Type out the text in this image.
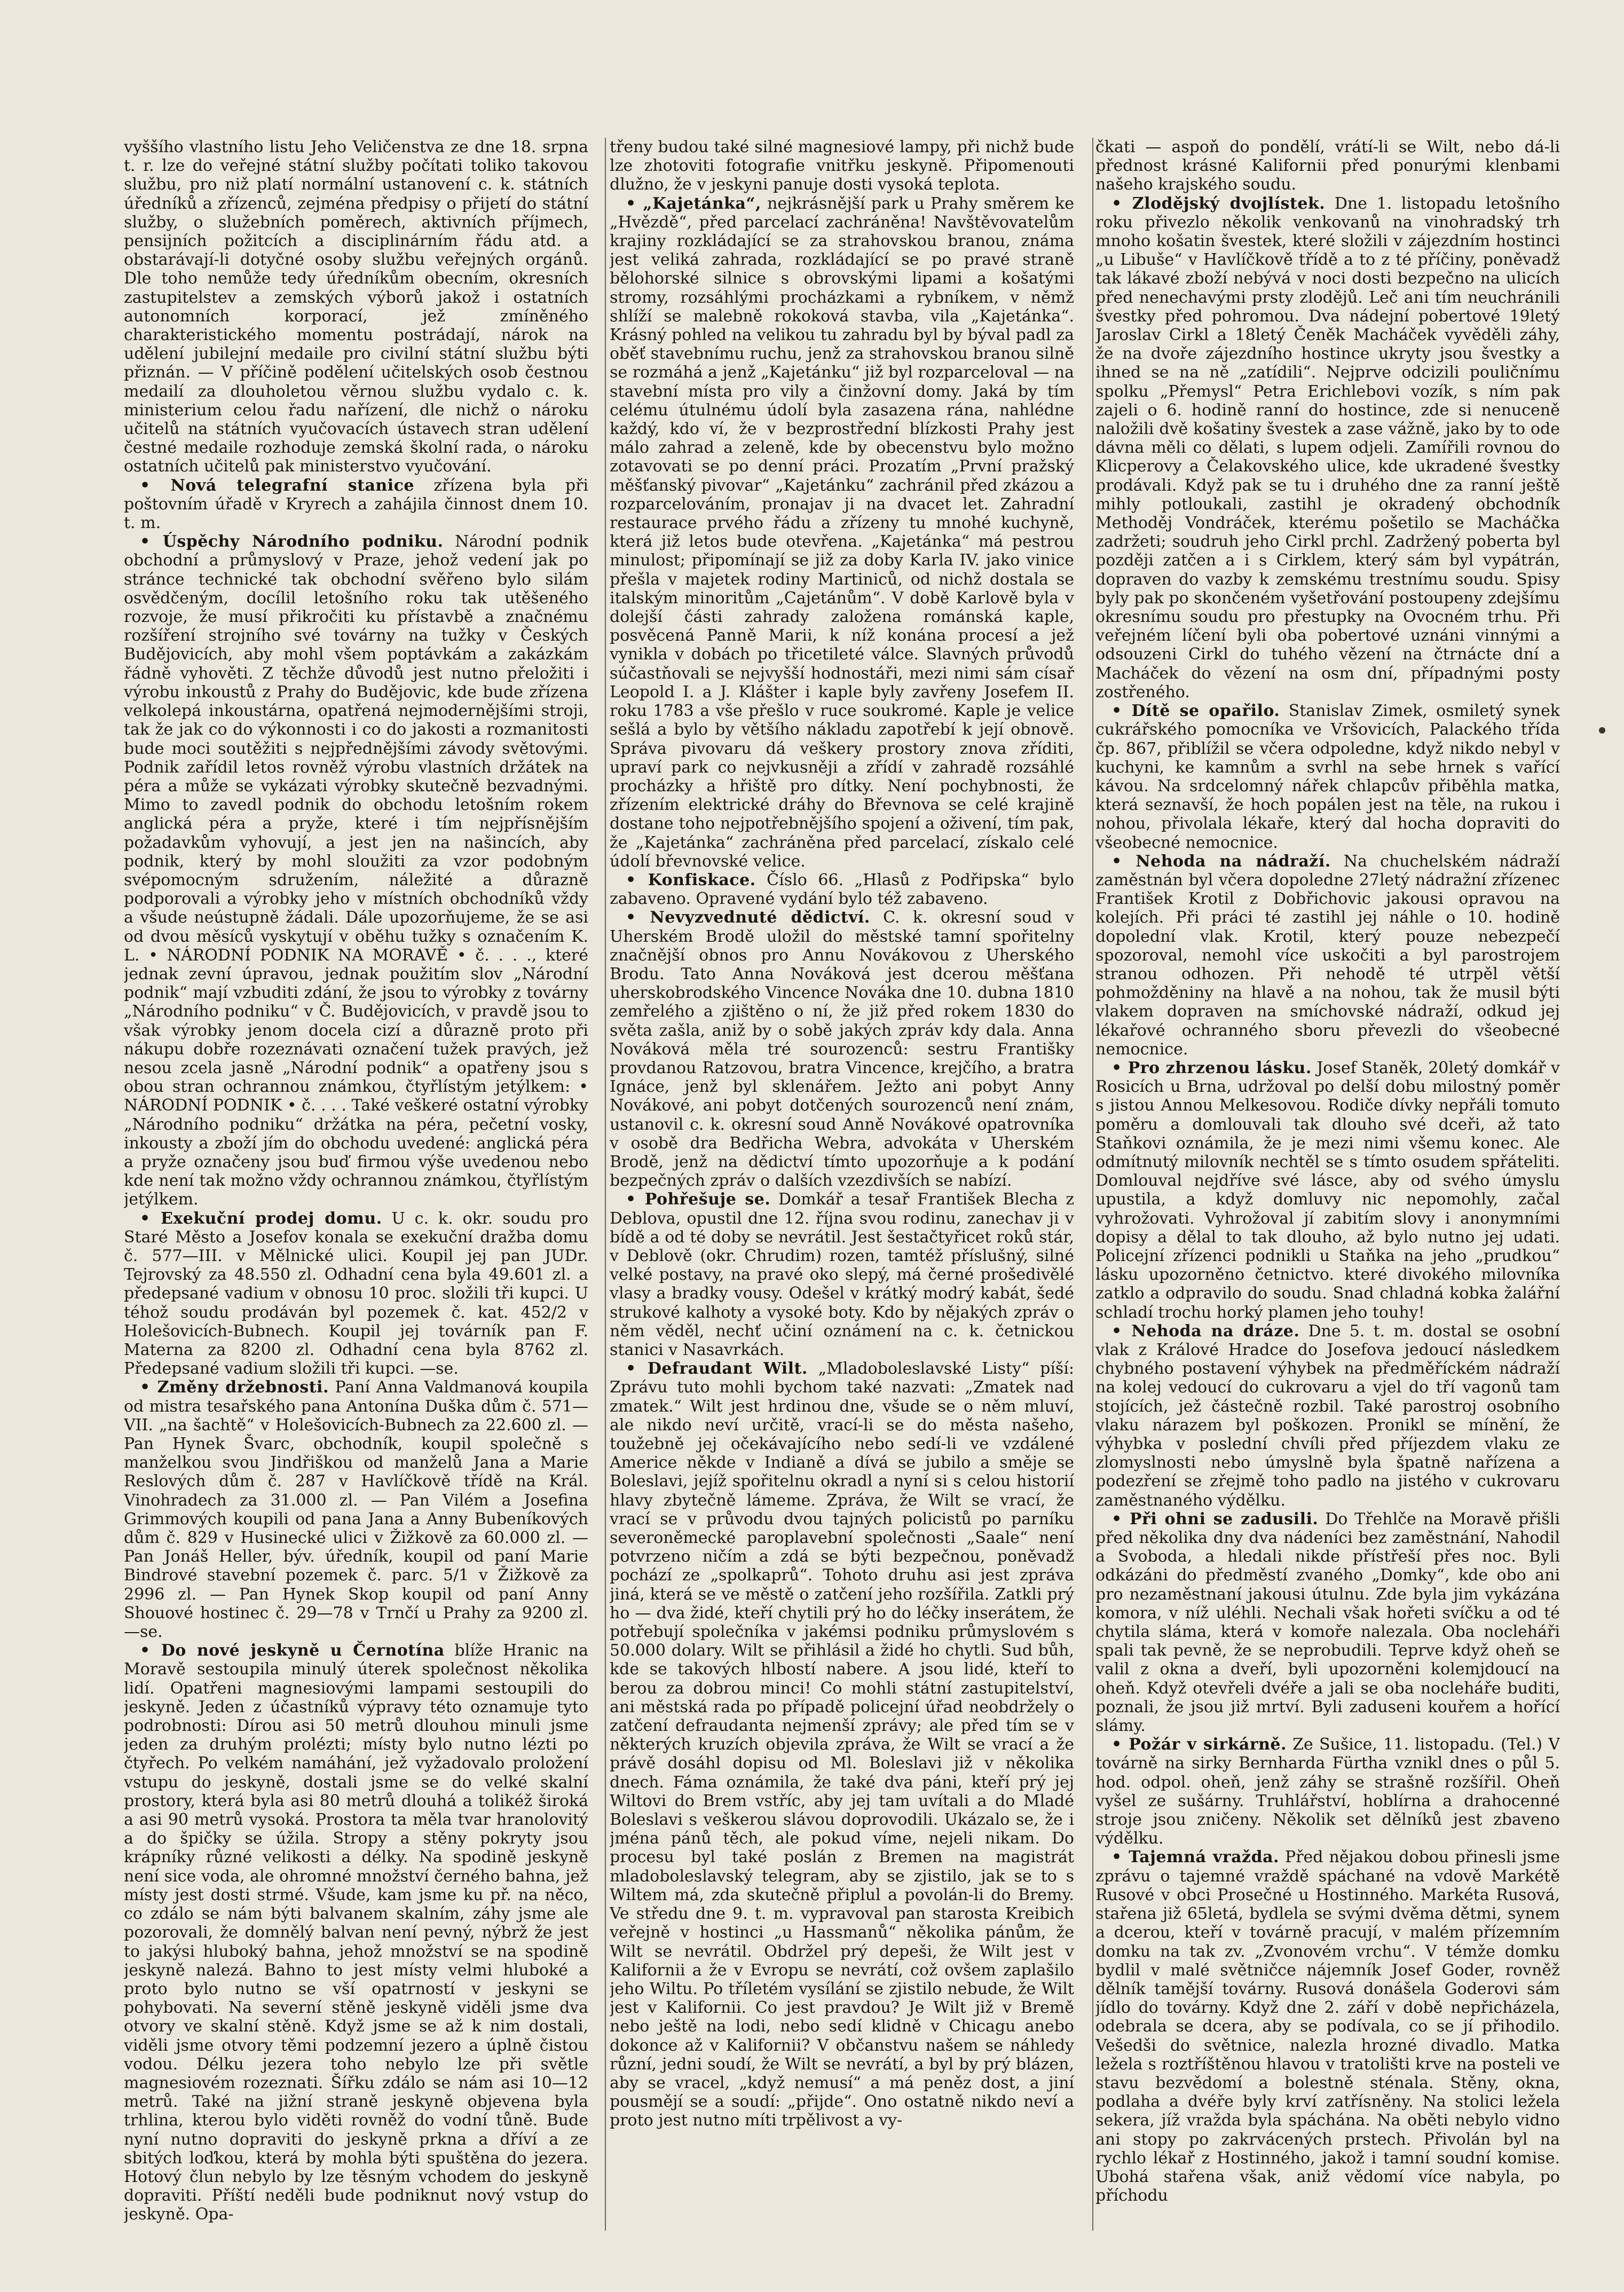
vyššího vlastního listu Jeho Veličenstva ze dne 18. srpna t. r. lze do veřejné státní služby počítati toliko takovou službu, pro niž platí normální ustanovení c. k. státních úředníků a zřízenců, zejména předpisy o přijetí do státní služby, o služebních poměrech, aktivních příjmech, pensijních požitcích a disciplinárním řádu atd. a obstarávají-li dotyčné osoby službu veřejných orgánů. Dle toho nemůže tedy úředníkům obecním, okresních zastupitelstev a zemských výborů jakož i ostatních autonomních korporací, jež zmíněného charakteristického momentu postrádají, nárok na udělení jubilejní medaile pro civilní státní službu býti přiznán. — V příčině podělení učitelských osob čestnou medailí za dlouholetou věrnou službu vydalo c. k. ministerium celou řadu nařízení, dle nichž o nároku učitelů na státních vyučovacích ústavech stran udělení čestné medaile rozhoduje zemská školní rada, o nároku ostatních učitelů pak ministerstvo vyučování.

• Nová telegrafní stanice zřízena byla při poštovním úřadě v Kryrech a zahájila činnost dnem 10. t. m.

• Úspěchy Národního podniku. Národní podnik obchodní a průmyslový v Praze, jehož vedení jak po stránce technické tak obchodní svěřeno bylo silám osvědčeným, docílil letošního roku tak utěšeného rozvoje, že musí přikročiti ku přístavbě a značnému rozšíření strojního své továrny na tužky v Českých Budějovicích, aby mohl všem poptávkám a zakázkám řádně vyhověti. Z těchže důvodů jest nutno přeložiti i výrobu inkoustů z Prahy do Budějovic, kde bude zřízena velkolepá inkoustárna, opatřená nejmodernějšími stroji, tak že jak co do výkonnosti i co do jakosti a rozmanitosti bude moci soutěžiti s nejpřednějšími závody světovými. Podnik zařídil letos rovněž výrobu vlastních držátek na péra a může se vykázati výrobky skutečně bezvadnými. Mimo to zavedl podnik do obchodu letošním rokem anglická péra a pryže, které i tím nejpřísnějším požadavkům vyhovují, a jest jen na našincích, aby podnik, který by mohl sloužiti za vzor podobným svépomocným sdružením, náležité a důrazně podporovali a výrobky jeho v místních obchodníků vždy a všude neústupně žádali. Dále upozorňujeme, že se asi od dvou měsíců vyskytují v oběhu tužky s označením K. L. • NÁRODNÍ PODNIK NA MORAVĚ • č. . . ., které jednak zevní úpravou, jednak použitím slov „Národní podnik“ mají vzbuditi zdání, že jsou to výrobky z továrny „Národního podniku“ v Č. Budějovicích, v pravdě jsou to však výrobky jenom docela cizí a důrazně proto při nákupu dobře rozeznávati označení tužek pravých, jež nesou zcela jasně „Národní podnik“ a opatřeny jsou s obou stran ochrannou známkou, čtyřlístým jetýlkem: • NÁRODNÍ PODNIK • č. . . . Také veškeré ostatní výrobky „Národního podniku“ držátka na péra, pečetní vosky, inkousty a zboží jím do obchodu uvedené: anglická péra a pryže označeny jsou buď firmou výše uvedenou nebo kde není tak možno vždy ochrannou známkou, čtyřlístým jetýlkem.

• Exekuční prodej domu. U c. k. okr. soudu pro Staré Město a Josefov konala se exekuční dražba domu č. 577—III. v Mělnické ulici. Koupil jej pan JUDr. Tejrovský za 48.550 zl. Odhadní cena byla 49.601 zl. a předepsané vadium v obnosu 10 proc. složili tři kupci. U téhož soudu prodáván byl pozemek č. kat. 452/2 v Holešovicích-Bubnech. Koupil jej továrník pan F. Materna za 8200 zl. Odhadní cena byla 8762 zl. Předepsané vadium složili tři kupci. —se.

• Změny držebnosti. Paní Anna Valdmanová koupila od mistra tesařského pana Antonína Duška dům č. 571—VII. „na šachtě“ v Holešovicích-Bubnech za 22.600 zl. — Pan Hynek Švarc, obchodník, koupil společně s manželkou svou Jindřiškou od manželů Jana a Marie Reslových dům č. 287 v Havlíčkově třídě na Král. Vinohradech za 31.000 zl. — Pan Vilém a Josefina Grimmových koupili od pana Jana a Anny Bubeníkových dům č. 829 v Husinecké ulici v Žižkově za 60.000 zl. — Pan Jonáš Heller, býv. úředník, koupil od paní Marie Bindrové stavební pozemek č. parc. 5/1 v Žižkově za 2996 zl. — Pan Hynek Skop koupil od paní Anny Shouové hostinec č. 29—78 v Trnčí u Prahy za 9200 zl. —se.

• Do nové jeskyně u Černotína blíže Hranic na Moravě sestoupila minulý úterek společnost několika lidí. Opatřeni magnesiovými lampami sestoupili do jeskyně. Jeden z účastníků výpravy této oznamuje tyto podrobnosti: Dírou asi 50 metrů dlouhou minuli jsme jeden za druhým prolézti; místy bylo nutno lézti po čtyřech. Po velkém namáhání, jež vyžadovalo proložení vstupu do jeskyně, dostali jsme se do velké skalní prostory, která byla asi 80 metrů dlouhá a tolikéž široká a asi 90 metrů vysoká. Prostora ta měla tvar hranolovitý a do špičky se úžila. Stropy a stěny pokryty jsou krápníky různé velikosti a délky. Na spodině jeskyně není sice voda, ale ohromné množství černého bahna, jež místy jest dosti strmé. Všude, kam jsme ku př. na něco, co zdálo se nám býti balvanem skalním, záhy jsme ale pozorovali, že domnělý balvan není pevný, nýbrž že jest to jakýsi hluboký bahna, jehož množství se na spodině jeskyně nalezá. Bahno to jest místy velmi hluboké a proto bylo nutno se vší opatrností v jeskyni se pohybovati. Na severní stěně jeskyně viděli jsme dva otvory ve skalní stěně. Když jsme se až k nim dostali, viděli jsme otvory těmi podzemní jezero a úplně čistou vodou. Délku jezera toho nebylo lze při světle magnesiovém rozeznati. Šířku zdálo se nám asi 10—12 metrů. Také na jižní straně jeskyně objevena byla trhlina, kterou bylo viděti rovněž do vodní tůně. Bude nyní nutno dopraviti do jeskyně prkna a dříví a ze sbitých loďkou, která by mohla býti spuštěna do jezera. Hotový člun nebylo by lze těsným vchodem do jeskyně dopraviti. Příští neděli bude podniknut nový vstup do jeskyně. Opa-

třeny budou také silné magnesiové lampy, při nichž bude lze zhotoviti fotografie vnitřku jeskyně. Připomenouti dlužno, že v jeskyni panuje dosti vysoká teplota.

• „Kajetánka“, nejkrásnější park u Prahy směrem ke „Hvězdě“, před parcelací zachráněna! Navštěvovatelům krajiny rozkládající se za strahovskou branou, známa jest veliká zahrada, rozkládající se po pravé straně bělohorské silnice s obrovskými lipami a košatými stromy, rozsáhlými procházkami a rybníkem, v němž shlíží se malebně rokoková stavba, vila „Kajetánka“. Krásný pohled na velikou tu zahradu byl by býval padl za oběť stavebnímu ruchu, jenž za strahovskou branou silně se rozmáhá a jenž „Kajetánku“ již byl rozparceloval — na stavební místa pro vily a činžovní domy. Jaká by tím celému útulnému údolí byla zasazena rána, nahlédne každý, kdo ví, že v bezprostřední blízkosti Prahy jest málo zahrad a zeleně, kde by obecenstvu bylo možno zotavovati se po denní práci. Prozatím „První pražský měšťanský pivovar“ „Kajetánku“ zachránil před zkázou a rozparcelováním, pronajav ji na dvacet let. Zahradní restaurace prvého řádu a zřízeny tu mnohé kuchyně, která již letos bude otevřena. „Kajetánka“ má pestrou minulost; připomínají se již za doby Karla IV. jako vinice přešla v majetek rodiny Martiniců, od nichž dostala se italským minoritům „Cajetánům“. V době Karlově byla v dolejší části zahrady založena románská kaple, posvěcená Panně Marii, k níž konána procesí a jež vynikla v dobách po třicetileté válce. Slavných průvodů súčastňovali se nejvyšší hodnostáři, mezi nimi sám císař Leopold I. a J. Klášter i kaple byly zavřeny Josefem II. roku 1783 a vše přešlo v ruce soukromé. Kaple je velice sešlá a bylo by většího nákladu zapotřebí k její obnově. Správa pivovaru dá veškery prostory znova zříditi, upraví park co nejvkusněji a zřídí v zahradě rozsáhlé procházky a hřiště pro dítky. Není pochybnosti, že zřízením elektrické dráhy do Břevnova se celé krajině dostane toho nejpotřebnějšího spojení a oživení, tím pak, že „Kajetánka“ zachráněna před parcelací, získalo celé údolí břevnovské velice.

• Konfiskace. Číslo 66. „Hlasů z Podřipska“ bylo zabaveno. Opravené vydání bylo též zabaveno.

• Nevyzvednuté dědictví. C. k. okresní soud v Uherském Brodě uložil do městské tamní spořitelny značnější obnos pro Annu Novákovou z Uherského Brodu. Tato Anna Nováková jest dcerou měšťana uherskobrodského Vincence Nováka dne 10. dubna 1810 zemřelého a zjištěno o ní, že již před rokem 1830 do světa zašla, aniž by o sobě jakých zpráv kdy dala. Anna Nováková měla tré sourozenců: sestru Františky provdanou Ratzovou, bratra Vincence, krejčího, a bratra Ignáce, jenž byl sklenářem. Ježto ani pobyt Anny Novákové, ani pobyt dotčených sourozenců není znám, ustanovil c. k. okresní soud Anně Novákové opatrovníka v osobě dra Bedřicha Webra, advokáta v Uherském Brodě, jenž na dědictví tímto upozorňuje a k podání bezpečných zpráv o dalších vzezdivších se nabízí.

• Pohřešuje se. Domkář a tesař František Blecha z Deblova, opustil dne 12. října svou rodinu, zanechav ji v bídě a od té doby se nevrátil. Jest šestačtyřicet roků stár, v Deblově (okr. Chrudim) rozen, tamtéž příslušný, silné velké postavy, na pravé oko slepý, má černé prošedivělé vlasy a bradky vousy. Odešel v krátký modrý kabát, šedé strukové kalhoty a vysoké boty. Kdo by nějakých zpráv o něm věděl, nechť učiní oznámení na c. k. četnickou stanici v Nasavrkách.

• Defraudant Wilt. „Mladoboleslavské Listy“ píší: Zprávu tuto mohli bychom také nazvati: „Zmatek nad zmatek.“ Wilt jest hrdinou dne, všude se o něm mluví, ale nikdo neví určitě, vrací-li se do města našeho, toužebně jej očekávajícího nebo sedí-li ve vzdálené Americe někde v Indianě a dívá se jubilo a směje se Boleslavi, jejíž spořitelnu okradl a nyní si s celou historií hlavy zbytečně lámeme. Zpráva, že Wilt se vrací, že vrací se v průvodu dvou tajných policistů po parníku severoněmecké paroplavební společnosti „Saale“ není potvrzeno ničím a zdá se býti bezpečnou, poněvadž pochází ze „spolkaprů“. Tohoto druhu asi jest zpráva jiná, která se ve městě o zatčení jeho rozšířila. Zatkli prý ho — dva židé, kteří chytili prý ho do léčky inserátem, že potřebují společníka v jakémsi podniku průmyslovém s 50.000 dolary. Wilt se přihlásil a židé ho chytli. Sud bůh, kde se takových hlbostí nabere. A jsou lidé, kteří to berou za dobrou minci! Co mohli státní zastupitelství, ani městská rada po případě policejní úřad neobdržely o zatčení defraudanta nejmenší zprávy; ale před tím se v některých kruzích objevila zpráva, že Wilt se vrací a že právě dosáhl dopisu od Ml. Boleslavi již v několika dnech. Fáma oznámila, že také dva páni, kteří prý jej Wiltovi do Brem vstříc, aby jej tam uvítali a do Mladé Boleslavi s veškerou slávou doprovodili. Ukázalo se, že i jména pánů těch, ale pokud víme, nejeli nikam. Do procesu byl také poslán z Bremen na magistrát mladoboleslavský telegram, aby se zjistilo, jak se to s Wiltem má, zda skutečně připlul a povolán-li do Bremy. Ve středu dne 9. t. m. vypravoval pan starosta Kreibich veřejně v hostinci „u Hassmanů“ několika pánům, že Wilt se nevrátil. Obdržel prý depeši, že Wilt jest v Kalifornii a že v Evropu se nevrátí, což ovšem zaplašilo jeho Wiltu. Po tříletém vysílání se zjistilo nebude, že Wilt jest v Kalifornii. Co jest pravdou? Je Wilt již v Bremě nebo ještě na lodi, nebo sedí klidně v Chicagu anebo dokonce až v Kalifornii? V občanstvu našem se náhledy různí, jedni soudí, že Wilt se nevrátí, a byl by prý blázen, aby se vracel, „když nemusí“ a má peněz dost, a jiní pousmějí se a soudí: „přijde“. Ono ostatně nikdo neví a proto jest nutno míti trpělivost a vy-

čkati — aspoň do pondělí, vrátí-li se Wilt, nebo dá-li přednost krásné Kalifornii před ponurými klenbami našeho krajského soudu.

• Zlodějský dvojlístek. Dne 1. listopadu letošního roku přivezlo několik venkovanů na vinohradský trh mnoho košatin švestek, které složili v zájezdním hostinci „u Libuše“ v Havlíčkově třídě a to z té příčiny, poněvadž tak lákavé zboží nebývá v noci dosti bezpečno na ulicích před nenechavými prsty zlodějů. Leč ani tím neuchránili švestky před pohromou. Dva nádejní pobertové 19letý Jaroslav Cirkl a 18letý Čeněk Macháček vyvěděli záhy, že na dvoře zájezdního hostince ukryty jsou švestky a ihned se na ně „zatídili“. Nejprve odcizili pouličnímu spolku „Přemysl“ Petra Erichlebovi vozík, s ním pak zajeli o 6. hodině ranní do hostince, zde si nenuceně naložili dvě košatiny švestek a zase vážně, jako by to ode dávna měli co dělati, s lupem odjeli. Zamířili rovnou do Klicperovy a Čelakovského ulice, kde ukradené švestky prodávali. Když pak se tu i druhého dne za ranní ještě mihly potloukali, zastihl je okradený obchodník Methoděj Vondráček, kterému pošetilo se Macháčka zadržeti; soudruh jeho Cirkl prchl. Zadržený poberta byl později zatčen a i s Cirklem, který sám byl vypátrán, dopraven do vazby k zemskému trestnímu soudu. Spisy byly pak po skončeném vyšetřování postoupeny zdejšímu okresnímu soudu pro přestupky na Ovocném trhu. Při veřejném líčení byli oba pobertové uznáni vinnými a odsouzeni Cirkl do tuhého vězení na čtrnácte dní a Macháček do vězení na osm dní, případnými posty zostřeného.

• Dítě se opařilo. Stanislav Zimek, osmiletý synek cukrářského pomocníka ve Vršovicích, Palackého třída čp. 867, přiblížil se včera odpoledne, když nikdo nebyl v kuchyni, ke kamnům a svrhl na sebe hrnek s vařící kávou. Na srdcelomný nářek chlapcův přiběhla matka, která seznavší, že hoch popálen jest na těle, na rukou i nohou, přivolala lékaře, který dal hocha dopraviti do všeobecné nemocnice.

• Nehoda na nádraží. Na chuchelském nádraží zaměstnán byl včera dopoledne 27letý nádražní zřízenec František Krotil z Dobřichovic jakousi opravou na kolejích. Při práci té zastihl jej náhle o 10. hodině dopolední vlak. Krotil, který pouze nebezpečí spozoroval, nemohl více uskočiti a byl parostrojem stranou odhozen. Při nehodě té utrpěl větší pohmožděniny na hlavě a na nohou, tak že musil býti vlakem dopraven na smíchovské nádraží, odkud jej lékařové ochranného sboru převezli do všeobecné nemocnice.

• Pro zhrzenou lásku. Josef Staněk, 20letý domkář v Rosicích u Brna, udržoval po delší dobu milostný poměr s jistou Annou Melkesovou. Rodiče dívky nepřáli tomuto poměru a domlouvali tak dlouho své dceři, až tato Staňkovi oznámila, že je mezi nimi všemu konec. Ale odmítnutý milovník nechtěl se s tímto osudem spřáteliti. Domlouval nejdříve své lásce, aby od svého úmyslu upustila, a když domluvy nic nepomohly, začal vyhrožovati. Vyhrožoval jí zabitím slovy i anonymními dopisy a dělal to tak dlouho, až bylo nutno jej udati. Policejní zřízenci podnikli u Staňka na jeho „prudkou“ lásku upozorněno četnictvo. které divokého milovníka zatklo a odpravilo do soudu. Snad chladná kobka žalářní schladí trochu horký plamen jeho touhy!

• Nehoda na dráze. Dne 5. t. m. dostal se osobní vlak z Králové Hradce do Josefova jedoucí následkem chybného postavení výhybek na předměříckém nádraží na kolej vedoucí do cukrovaru a vjel do tří vagonů tam stojících, jež částečně rozbil. Také parostroj osobního vlaku nárazem byl poškozen. Pronikl se mínění, že výhybka v poslední chvíli před příjezdem vlaku ze zlomyslnosti nebo úmyslně byla špatně nařízena a podezření se zřejmě toho padlo na jistého v cukrovaru zaměstnaného výdělku.

• Při ohni se zadusili. Do Třehlče na Moravě přišli před několika dny dva nádeníci bez zaměstnání, Nahodil a Svoboda, a hledali nikde přístřeší přes noc. Byli odkázáni do předměstí zvaného „Domky“, kde obo ani pro nezaměstnaní jakousi útulnu. Zde byla jim vykázána komora, v níž uléhli. Nechali však hořeti svíčku a od té chytila sláma, která v komoře nalezala. Oba nocleháři spali tak pevně, že se neprobudili. Teprve když oheň se valil z okna a dveří, byli upozorněni kolemjdoucí na oheň. Když otevřeli dvéře a jali se oba nocleháře buditi, poznali, že jsou již mrtví. Byli zaduseni kouřem a hořící slámy.

• Požár v sirkárně. Ze Sušice, 11. listopadu. (Tel.) V továrně na sirky Bernharda Fürtha vznikl dnes o půl 5. hod. odpol. oheň, jenž záhy se strašně rozšířil. Oheň vyšel ze sušárny. Truhlářství, hoblírna a drahocenné stroje jsou zničeny. Několik set dělníků jest zbaveno výdělku.

• Tajemná vražda. Před nějakou dobou přinesli jsme zprávu o tajemné vraždě spáchané na vdově Markétě Rusové v obci Prosečné u Hostinného. Markéta Rusová, stařena již 65letá, bydlela se svými dvěma dětmi, synem a dcerou, kteří v továrně pracují, v malém přízemním domku na tak zv. „Zvonovém vrchu“. V témže domku bydlil v malé světničce nájemník Josef Goder, rovněž dělník tamější továrny. Rusová donášela Goderovi sám jídlo do továrny. Když dne 2. září v době nepřicházela, odebrala se dcera, aby se podívala, co se jí přihodilo. Vešedši do světnice, nalezla hrozné divadlo. Matka ležela s roztříštěnou hlavou v tratolišti krve na posteli ve stavu bezvědomí a bolestně sténala. Stěny, okna, podlaha a dvéře byly krví zatřísněny. Na stolici ležela sekera, jíž vražda byla spáchána. Na oběti nebylo vidno ani stopy po zakrvácených prstech. Přivolán byl na rychlo lékař z Hostinného, jakož i tamní soudní komise. Ubohá stařena však, aniž vědomí více nabyla, po příchodu
